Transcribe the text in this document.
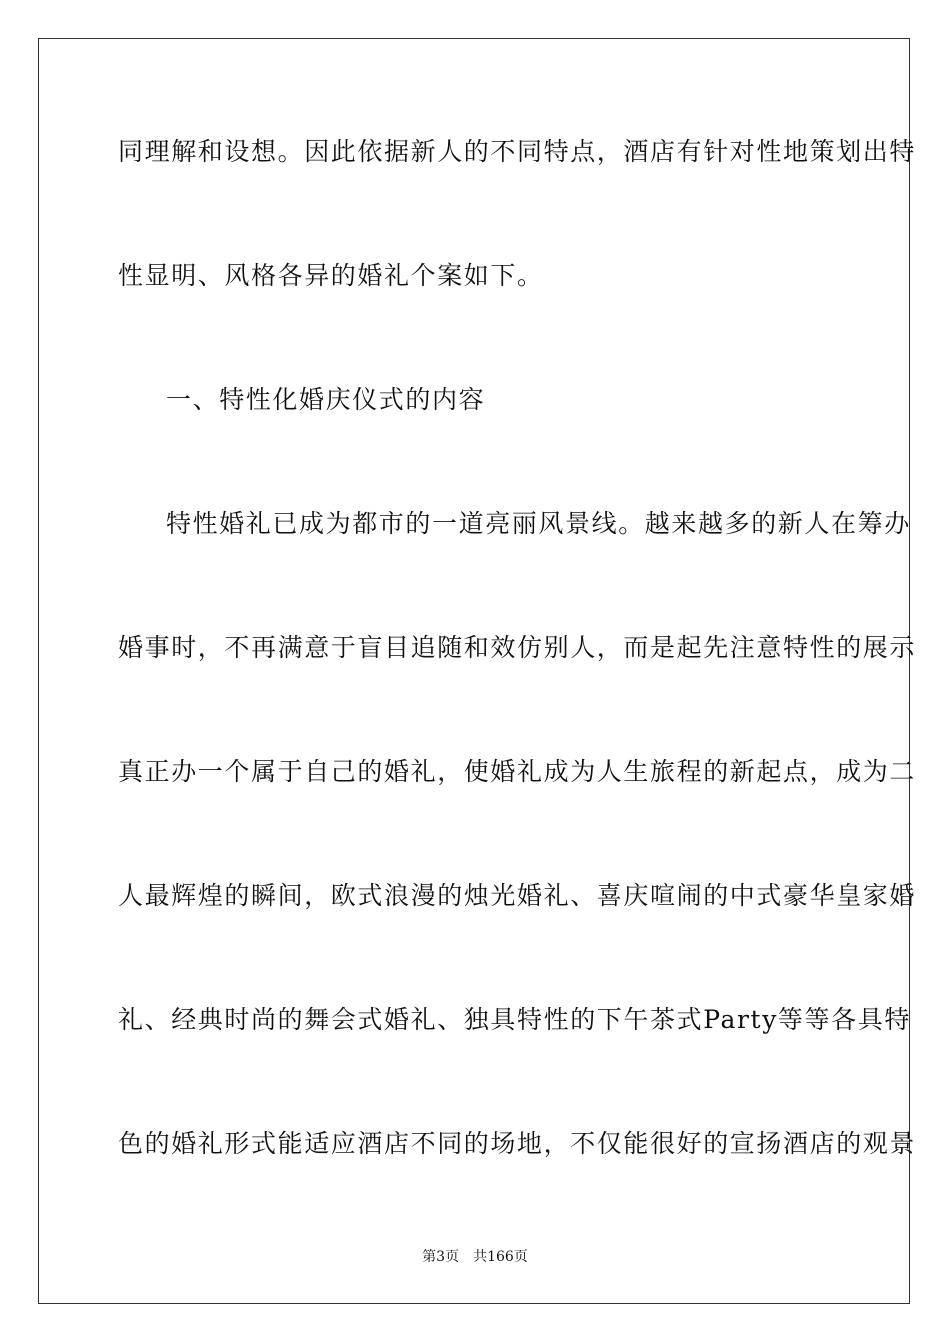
同理解和设想。因此依据新人的不同特点，酒店有针对性地策划出特
性显明、风格各异的婚礼个案如下。
一、特性化婚庆仪式的内容
特性婚礼已成为都市的一道亮丽风景线。越来越多的新人在筹办
婚事时，不再满意于盲目追随和效仿别人，而是起先注意特性的展示
真正办一个属于自己的婚礼，使婚礼成为人生旅程的新起点，成为二
人最辉煌的瞬间，欧式浪漫的烛光婚礼、喜庆喧闹的中式豪华皇家婚
礼、经典时尚的舞会式婚礼、独具特性的下午茶式Party等等各具特
色的婚礼形式能适应酒店不同的场地，不仅能很好的宣扬酒店的观景
第3页 共166页
